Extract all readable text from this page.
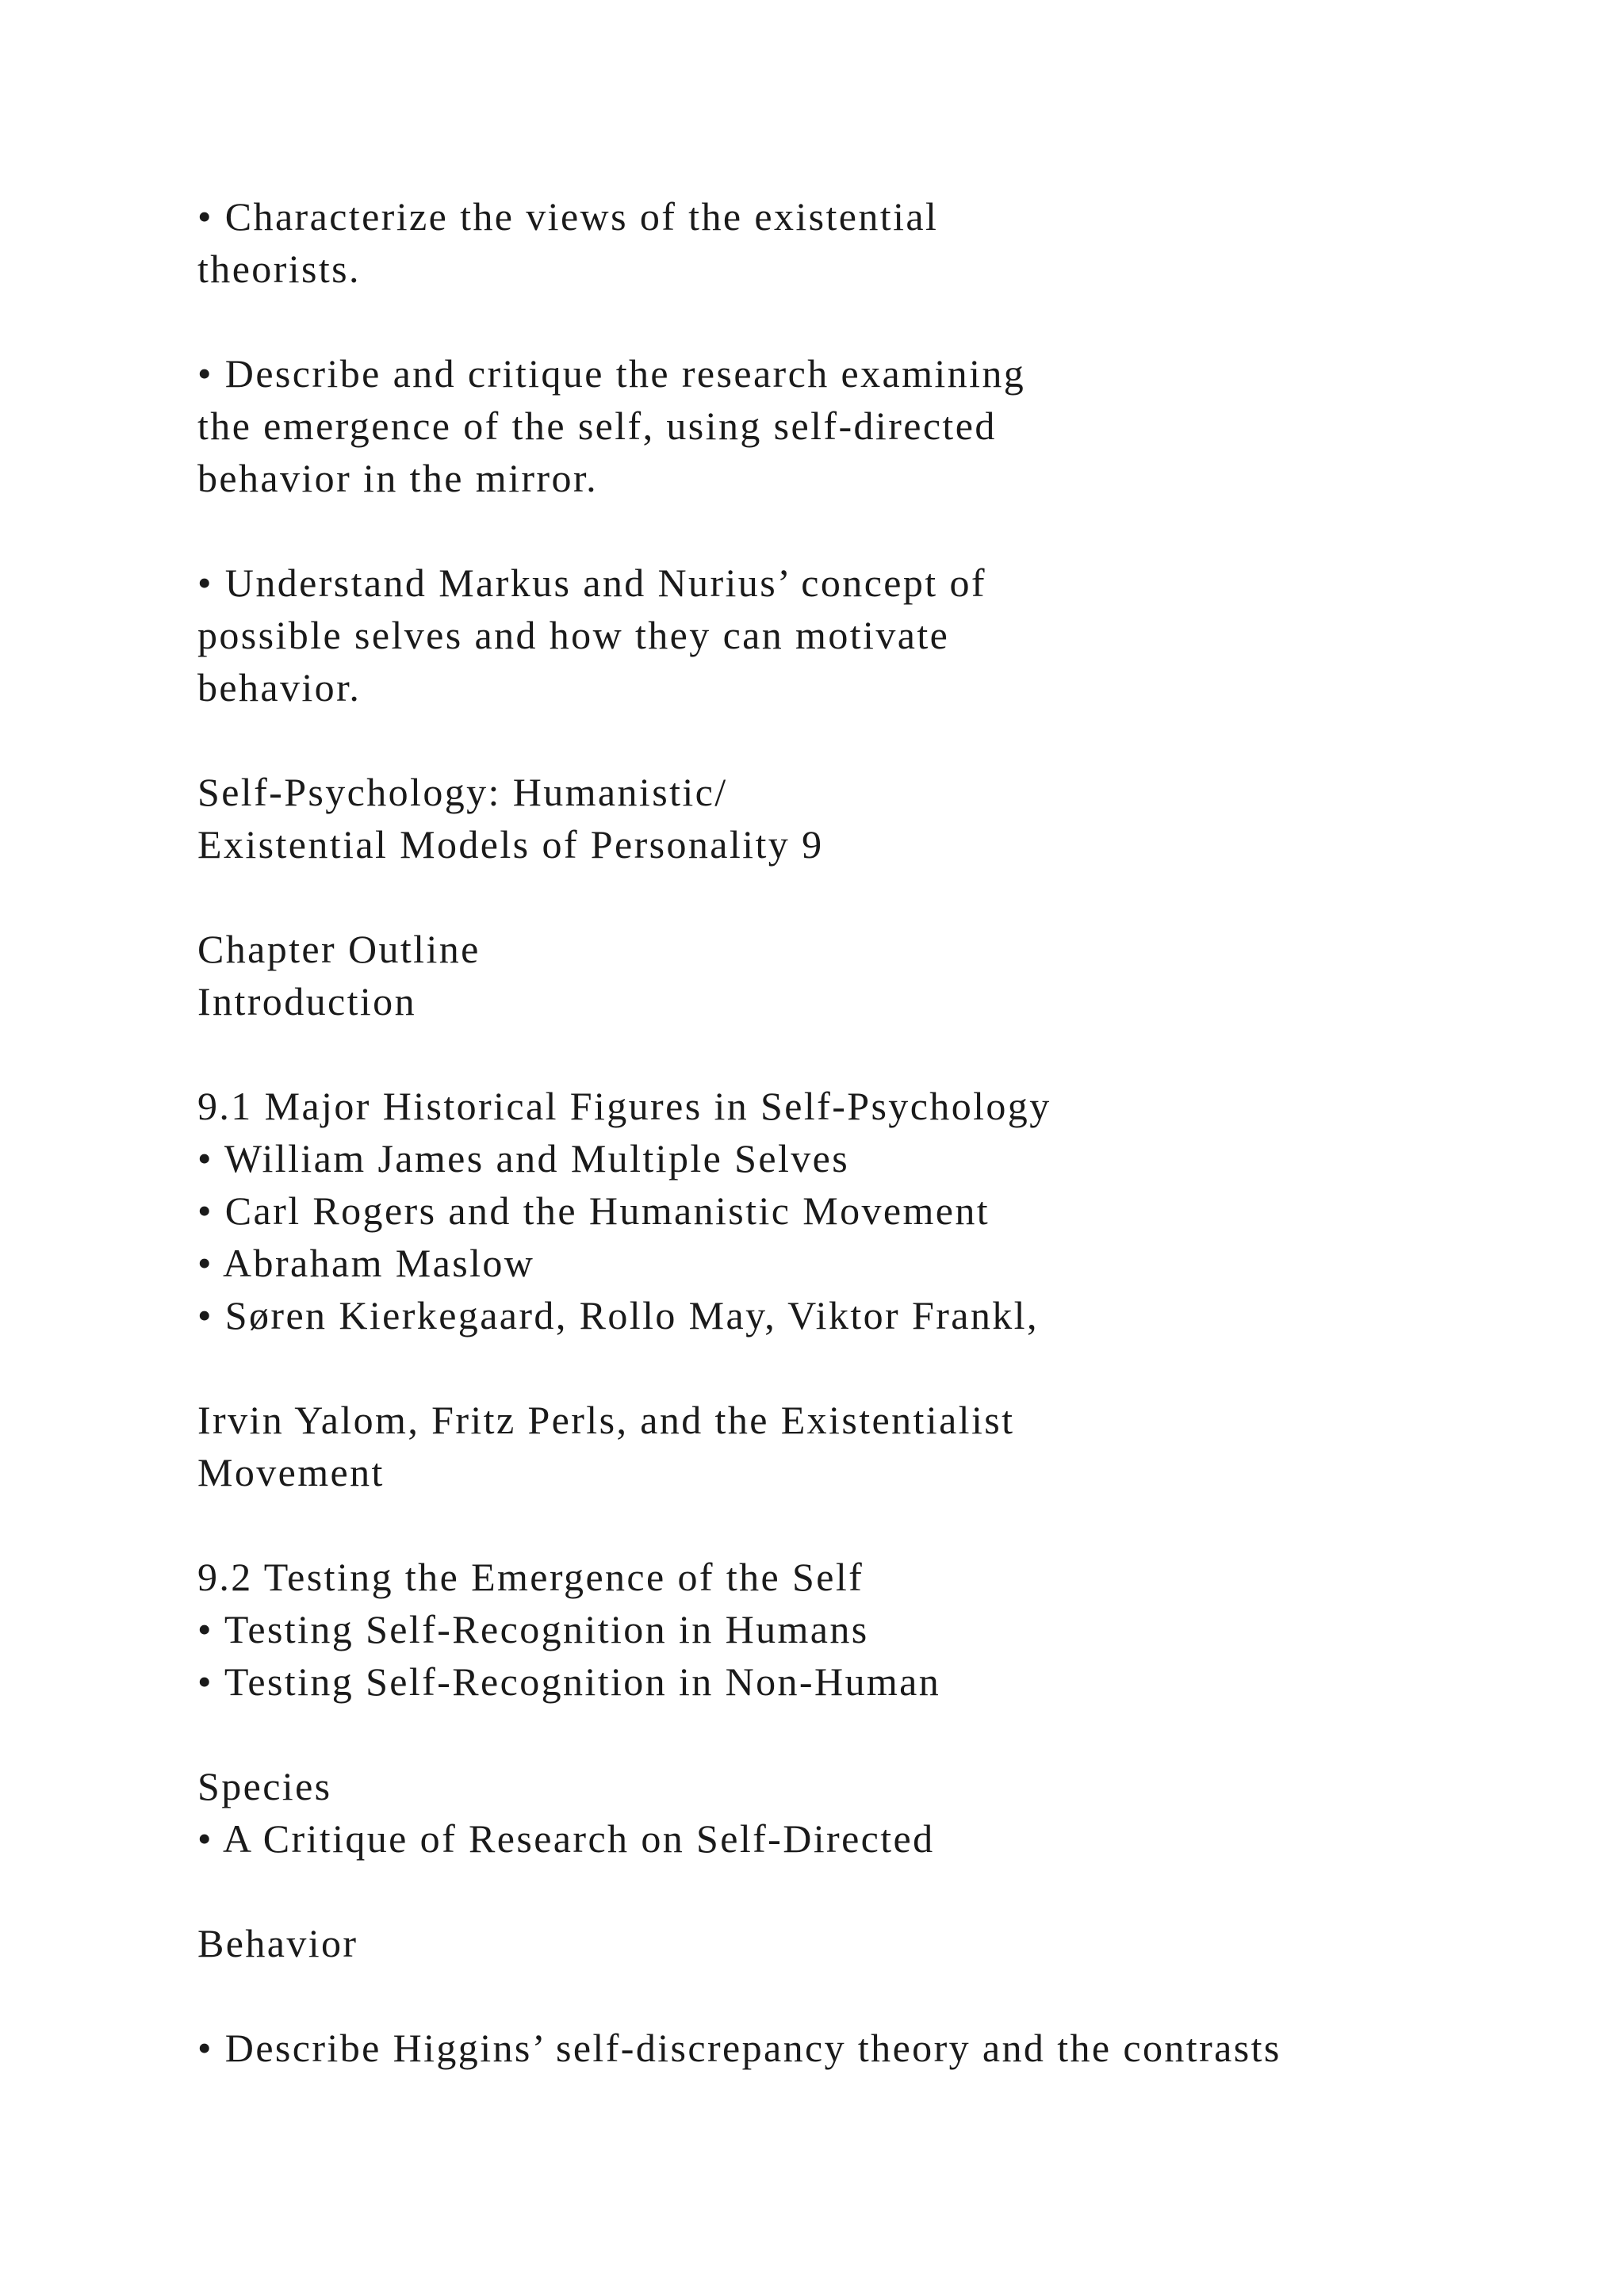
• Characterize the views of the existential
theorists.
• Describe and critique the research examining
the emergence of the self, using self-directed
behavior in the mirror.
• Understand Markus and Nurius’ concept of
possible selves and how they can motivate
behavior.
Self-Psychology: Humanistic/
Existential Models of Personality 9
Chapter Outline
Introduction
9.1 Major Historical Figures in Self-Psychology
• William James and Multiple Selves
• Carl Rogers and the Humanistic Movement
• Abraham Maslow
• Søren Kierkegaard, Rollo May, Viktor Frankl,
Irvin Yalom, Fritz Perls, and the Existentialist
Movement
9.2 Testing the Emergence of the Self
• Testing Self-Recognition in Humans
• Testing Self-Recognition in Non-Human
Species
• A Critique of Research on Self-Directed
Behavior
• Describe Higgins’ self-discrepancy theory and the contrasts
